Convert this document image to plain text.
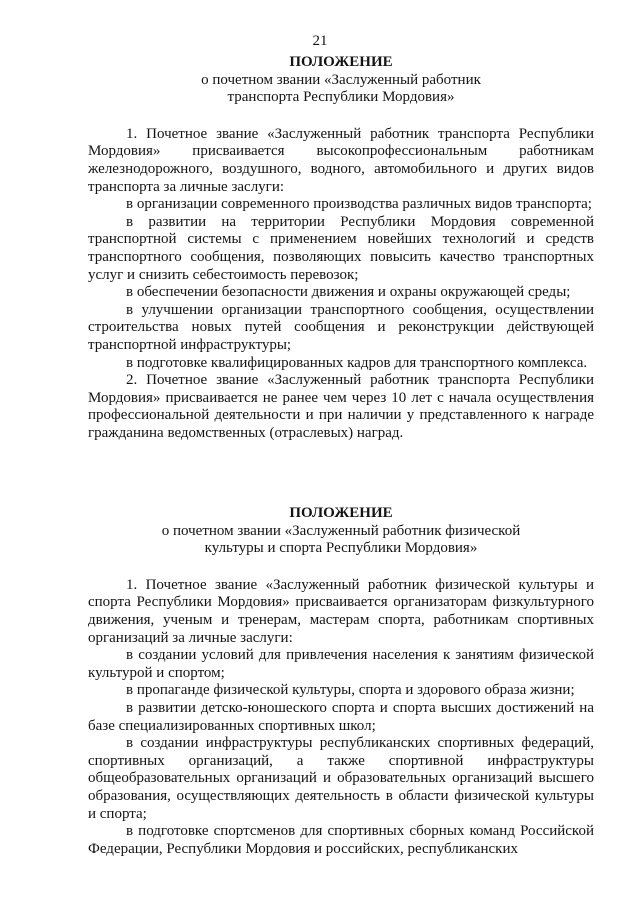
21
ПОЛОЖЕНИЕ
о почетном звании «Заслуженный работник
транспорта Республики Мордовия»

1. Почетное звание «Заслуженный работник транспорта Республики Мордовия» присваивается высокопрофессиональным работникам железнодорожного, воздушного, водного, автомобильного и других видов транспорта за личные заслуги:

в организации современного производства различных видов транспорта;

в развитии на территории Республики Мордовия современной транспортной системы с применением новейших технологий и средств транспортного сообщения, позволяющих повысить качество транспортных услуг и снизить себестоимость перевозок;

в обеспечении безопасности движения и охраны окружающей среды;

в улучшении организации транспортного сообщения, осуществлении строительства новых путей сообщения и реконструкции действующей транспортной инфраструктуры;

в подготовке квалифицированных кадров для транспортного комплекса.

2. Почетное звание «Заслуженный работник транспорта Республики Мордовия» присваивается не ранее чем через 10 лет с начала осуществления профессиональной деятельности и при наличии у представленного к награде гражданина ведомственных (отраслевых) наград.

ПОЛОЖЕНИЕ
о почетном звании «Заслуженный работник физической
культуры и спорта Республики Мордовия»

1. Почетное звание «Заслуженный работник физической культуры и спорта Республики Мордовия» присваивается организаторам физкультурного движения, ученым и тренерам, мастерам спорта, работникам спортивных организаций за личные заслуги:

в создании условий для привлечения населения к занятиям физической культурой и спортом;

в пропаганде физической культуры, спорта и здорового образа жизни;

в развитии детско-юношеского спорта и спорта высших достижений на базе специализированных спортивных школ;

в создании инфраструктуры республиканских спортивных федераций, спортивных организаций, а также спортивной инфраструктуры общеобразовательных организаций и образовательных организаций высшего образования, осуществляющих деятельность в области физической культуры и спорта;

в подготовке спортсменов для спортивных сборных команд Российской Федерации, Республики Мордовия и российских, республиканских
